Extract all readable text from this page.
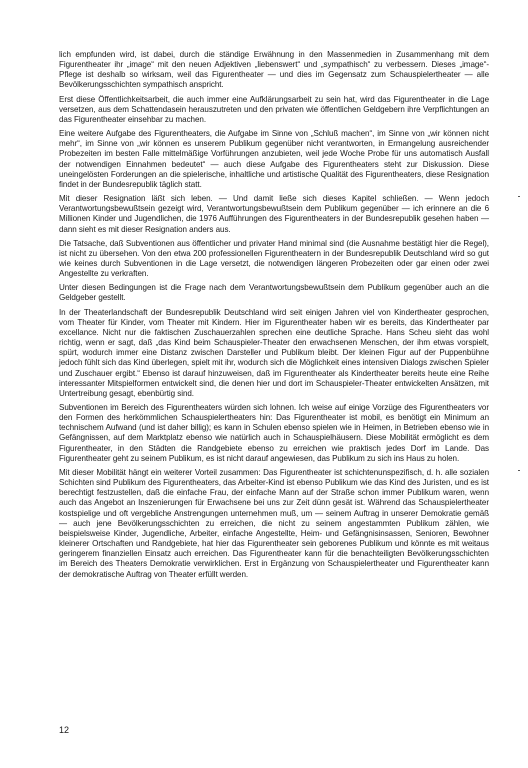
lich empfunden wird, ist dabei, durch die ständige Erwähnung in den Massenmedien in Zusammenhang mit dem Figurentheater ihr „image“ mit den neuen Adjektiven „liebenswert“ und „sympathisch“ zu verbessern. Dieses „image“-Pflege ist deshalb so wirksam, weil das Figurentheater — und dies im Gegensatz zum Schauspielertheater — alle Bevölkerungsschichten sympathisch anspricht.

Erst diese Öffentlichkeitsarbeit, die auch immer eine Aufklärungsarbeit zu sein hat, wird das Figurentheater in die Lage versetzen, aus dem Schattendasein herauszutreten und den privaten wie öffentlichen Geldgebern ihre Verpflichtungen an das Figurentheater einsehbar zu machen.

Eine weitere Aufgabe des Figurentheaters, die Aufgabe im Sinne von „Schluß machen“, im Sinne von „wir können nicht mehr“, im Sinne von „wir können es unserem Publikum gegenüber nicht verantworten, in Ermangelung ausreichender Probezeiten im besten Falle mittelmäßige Vorführungen anzubieten, weil jede Woche Probe für uns automatisch Ausfall der notwendigen Einnahmen bedeutet“ — auch diese Aufgabe des Figurentheaters steht zur Diskussion. Diese uneingelösten Forderungen an die spielerische, inhaltliche und artistische Qualität des Figurentheaters, diese Resignation findet in der Bundesrepublik täglich statt.

Mit dieser Resignation läßt sich leben. — Und damit ließe sich dieses Kapitel schließen. — Wenn jedoch Verantwortungsbewußtsein gezeigt wird, Verantwortungsbewußtsein dem Publikum gegenüber — ich erinnere an die 6 Millionen Kinder und Jugendlichen, die 1976 Aufführungen des Figurentheaters in der Bundesrepublik gesehen haben — dann sieht es mit dieser Resignation anders aus.

Die Tatsache, daß Subventionen aus öffentlicher und privater Hand minimal sind (die Ausnahme bestätigt hier die Regel), ist nicht zu übersehen. Von den etwa 200 professionellen Figurentheatern in der Bundesrepublik Deutschland wird so gut wie keines durch Subventionen in die Lage versetzt, die notwendigen längeren Probezeiten oder gar einen oder zwei Angestellte zu verkraften.

Unter diesen Bedingungen ist die Frage nach dem Verantwortungsbewußtsein dem Publikum gegenüber auch an die Geldgeber gestellt.

In der Theaterlandschaft der Bundesrepublik Deutschland wird seit einigen Jahren viel von Kindertheater gesprochen, vom Theater für Kinder, vom Theater mit Kindern. Hier im Figurentheater haben wir es bereits, das Kindertheater par excellance. Nicht nur die faktischen Zuschauerzahlen sprechen eine deutliche Sprache. Hans Scheu sieht das wohl richtig, wenn er sagt, daß „das Kind beim Schauspieler-Theater den erwachsenen Menschen, der ihm etwas vorspielt, spürt, wodurch immer eine Distanz zwischen Darsteller und Publikum bleibt. Der kleinen Figur auf der Puppenbühne jedoch fühlt sich das Kind überlegen, spielt mit ihr, wodurch sich die Möglichkeit eines intensiven Dialogs zwischen Spieler und Zuschauer ergibt.“ Ebenso ist darauf hinzuweisen, daß im Figurentheater als Kindertheater bereits heute eine Reihe interessanter Mitspielformen entwickelt sind, die denen hier und dort im Schauspieler-Theater entwickelten Ansätzen, mit Untertreibung gesagt, ebenbürtig sind.

Subventionen im Bereich des Figurentheaters würden sich lohnen. Ich weise auf einige Vorzüge des Figurentheaters vor den Formen des herkömmlichen Schauspielertheaters hin: Das Figurentheater ist mobil, es benötigt ein Minimum an technischem Aufwand (und ist daher billig); es kann in Schulen ebenso spielen wie in Heimen, in Betrieben ebenso wie in Gefängnissen, auf dem Marktplatz ebenso wie natürlich auch in Schauspielhäusern. Diese Mobilität ermöglicht es dem Figurentheater, in den Städten die Randgebiete ebenso zu erreichen wie praktisch jedes Dorf im Lande. Das Figurentheater geht zu seinem Publikum, es ist nicht darauf angewiesen, das Publikum zu sich ins Haus zu holen.

Mit dieser Mobilität hängt ein weiterer Vorteil zusammen: Das Figurentheater ist schichtenunspezifisch, d. h. alle sozialen Schichten sind Publikum des Figurentheaters, das Arbeiter-Kind ist ebenso Publikum wie das Kind des Juristen, und es ist berechtigt festzustellen, daß die einfache Frau, der einfache Mann auf der Straße schon immer Publikum waren, wenn auch das Angebot an Inszenierungen für Erwachsene bei uns zur Zeit dünn gesät ist. Während das Schauspielertheater kostspielige und oft vergebliche Anstrengungen unternehmen muß, um — seinem Auftrag in unserer Demokratie gemäß — auch jene Bevölkerungsschichten zu erreichen, die nicht zu seinem angestammten Publikum zählen, wie beispielsweise Kinder, Jugendliche, Arbeiter, einfache Angestellte, Heim- und Gefängnisinsassen, Senioren, Bewohner kleinerer Ortschaften und Randgebiete, hat hier das Figurentheater sein geborenes Publikum und könnte es mit weitaus geringerem finanziellen Einsatz auch erreichen. Das Figurentheater kann für die benachteiligten Bevölkerungsschichten im Bereich des Theaters Demokratie verwirklichen. Erst in Ergänzung von Schauspielertheater und Figurentheater kann der demokratische Auftrag von Theater erfüllt werden.

12
